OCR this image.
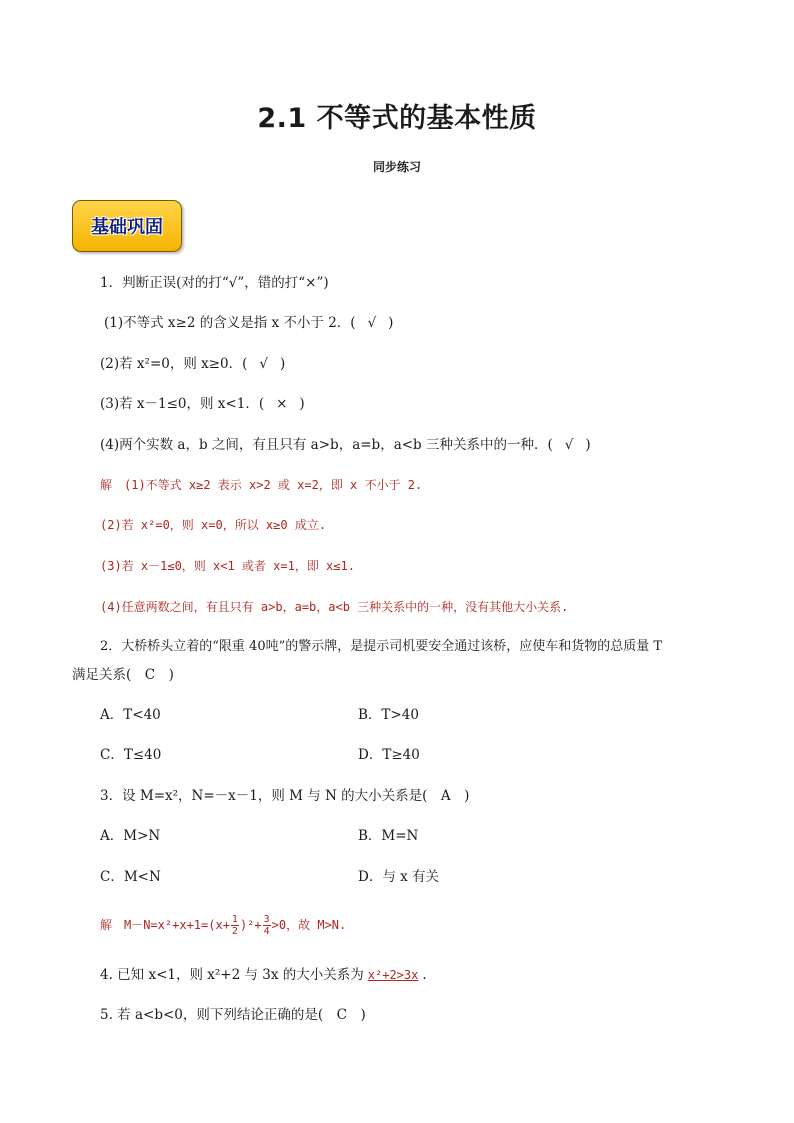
2.1 不等式的基本性质
同步练习
基础巩固
1．判断正误(对的打“√”，错的打“×”)
(1)不等式 x≥2 的含义是指 x 不小于 2．( √ )
(2)若 x²=0，则 x≥0．( √ )
(3)若 x－1≤0，则 x<1．( × )
(4)两个实数 a，b 之间，有且只有 a>b，a=b，a<b 三种关系中的一种．( √ )
解　(1)不等式 x≥2 表示 x>2 或 x=2，即 x 不小于 2.
(2)若 x²=0，则 x=0，所以 x≥0 成立.
(3)若 x－1≤0，则 x<1 或者 x=1，即 x≤1.
(4)任意两数之间，有且只有 a>b，a=b，a<b 三种关系中的一种，没有其他大小关系.
2．大桥桥头立着的“限重 40吨”的警示牌，是提示司机要安全通过该桥，应使车和货物的总质量 T
满足关系(　C　)
A．T<40	B．T>40
C．T≤40	D．T≥40
3．设 M=x²，N=－x－1，则 M 与 N 的大小关系是(　A　)
A．M>N	B．M=N
C．M<N	D．与 x 有关
解　$M-N=x^2+x+1=(x+ \frac{1}{2} )^2+ \frac{3}{4} >0$，故 M>N.
4. 已知 x<1，则 x²+2 与 3x 的大小关系为 x²+2>3x .
5. 若 a<b<0，则下列结论正确的是(　C　)
